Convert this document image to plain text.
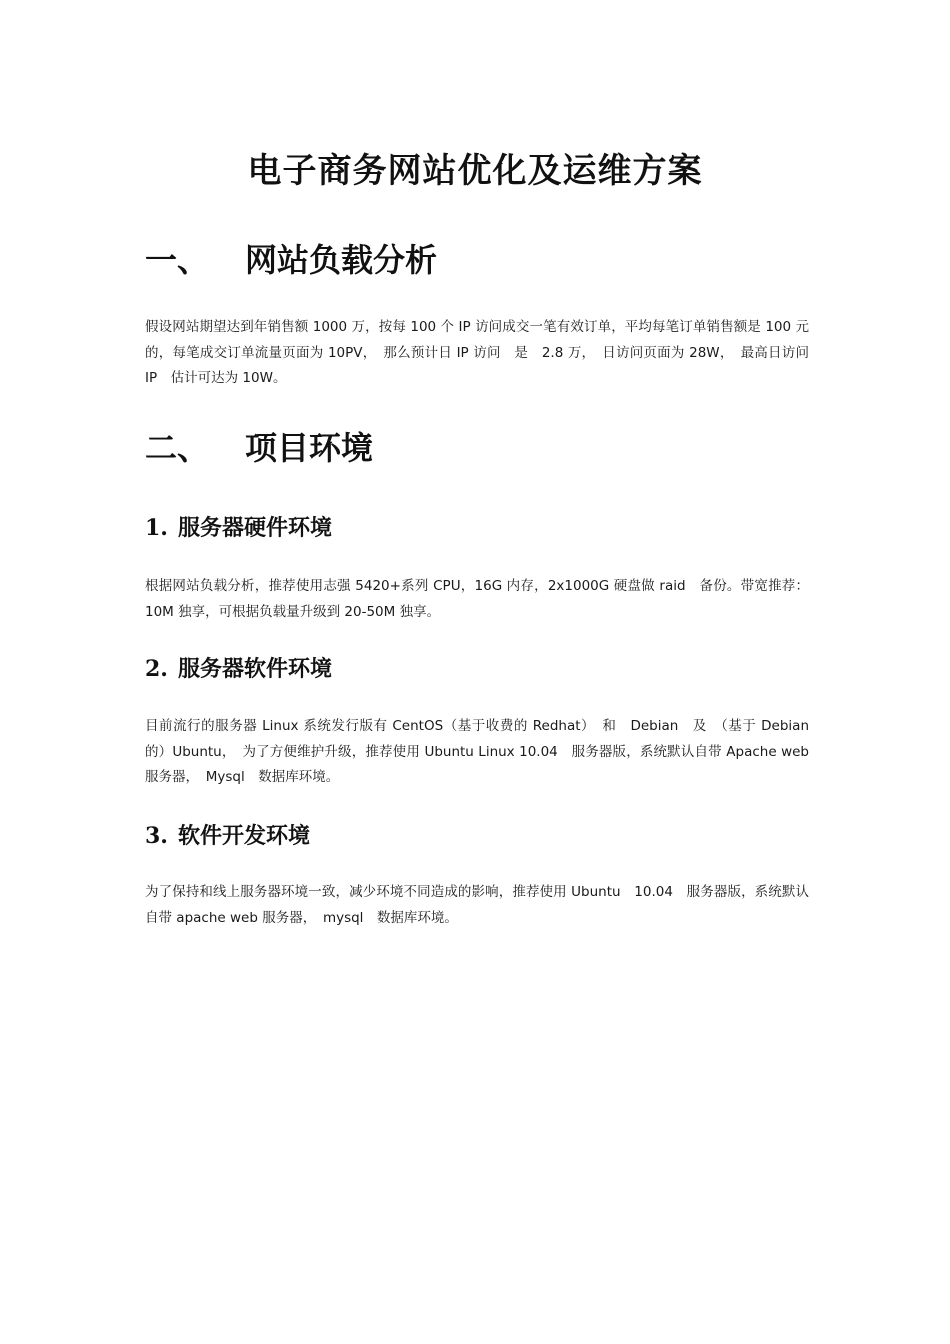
电子商务网站优化及运维方案
一、 网站负载分析

假设网站期望达到年销售额 1000 万，按每 100 个 IP 访问成交一笔有效订单，平均每笔订单销售额是 100 元的，每笔成交订单流量页面为 10PV，　那么预计日 IP 访问　是　2.8 万，　日访问页面为 28W，　最高日访问 IP　估计可达为 10W。

二、 项目环境
1. 服务器硬件环境

根据网站负载分析，推荐使用志强 5420+系列 CPU，16G 内存，2x1000G 硬盘做 raid　备份。带宽推荐：10M 独享，可根据负载量升级到 20-50M 独享。

2. 服务器软件环境

目前流行的服务器 Linux 系统发行版有 CentOS（基于收费的 Redhat）　和　Debian　及　（基于 Debian 的）Ubuntu，　为了方便维护升级，推荐使用 Ubuntu Linux 10.04　服务器版，系统默认自带 Apache web 服务器，　Mysql　数据库环境。

3. 软件开发环境

为了保持和线上服务器环境一致，减少环境不同造成的影响，推荐使用 Ubuntu　10.04　服务器版，系统默认自带 apache web 服务器，　mysql　数据库环境。
